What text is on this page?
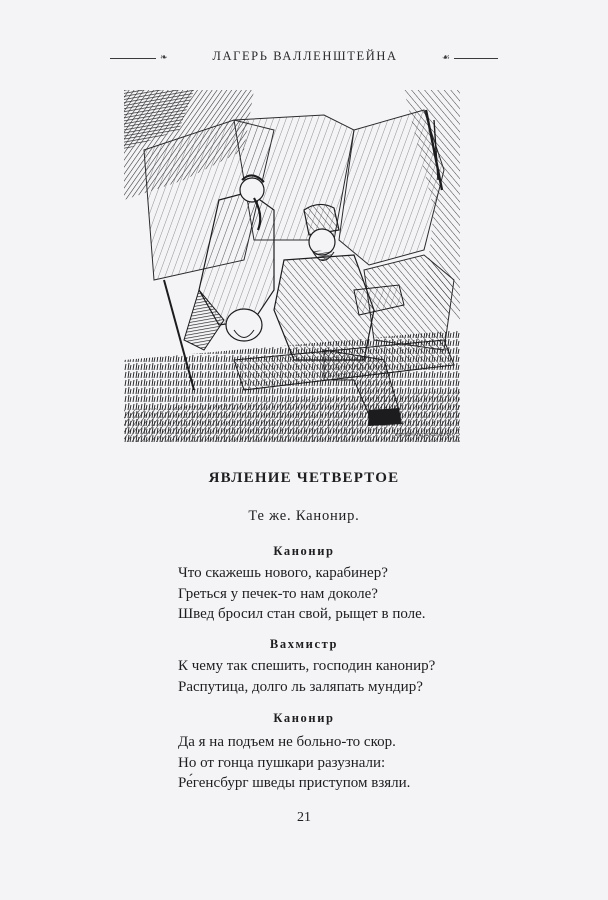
❧	ЛАГЕРЬ ВАЛЛЕНШТЕЙНА	☙
ФЕРДИНАНД ШАГОМЕРЕН
ЯВЛЕНИЕ ЧЕТВЕРТОЕ
Те же. Канонир.
Канонир
Что скажешь нового, карабинер?
Греться у печек-то нам доколе?
Швед бросил стан свой, рыщет в поле.
Вахмистр
К чему так спешить, господин канонир?
Распутица, долго ль заляпать мундир?
Канонир
Да я на подъем не больно-то скор.
Но от гонца пушкари разузнали:
Ре́генсбург шведы приступом взяли.
21
